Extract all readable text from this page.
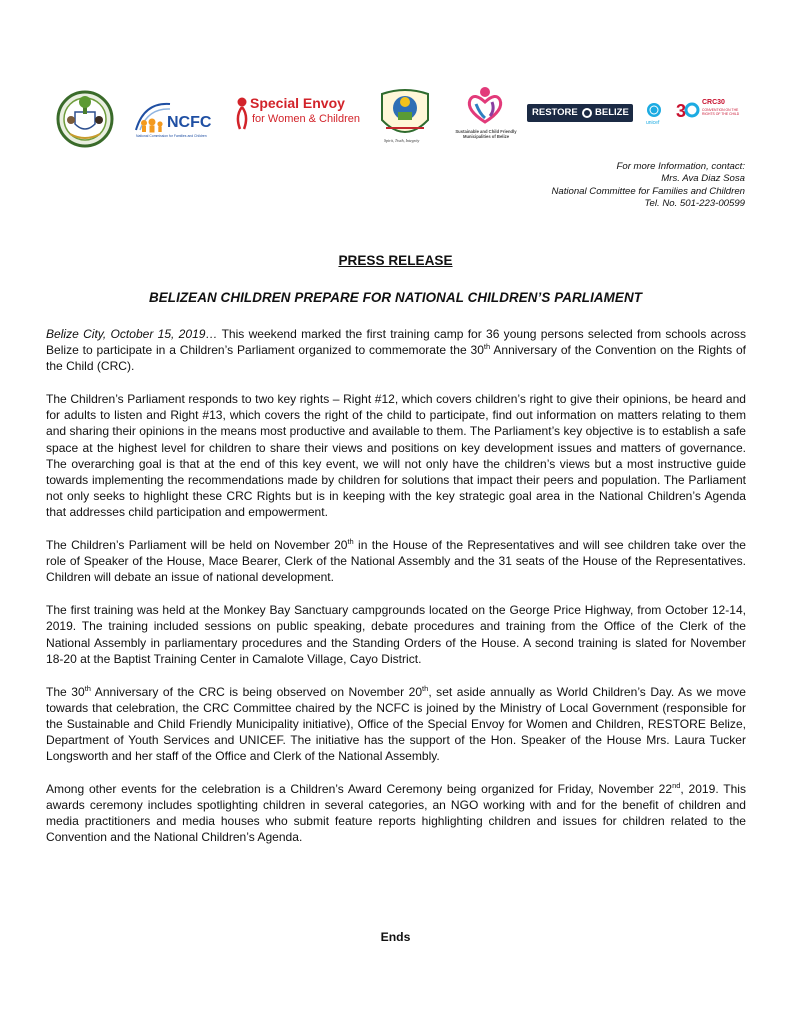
NCFC
National Commission for Families and Children
Special Envoy
for Women & Children
Spirit, Truth, Integrity
Sustainable and Child Friendly Municipalities of Belize
RESTORE BELIZE
unicef
3 CRC30
CONVENTION ON THE RIGHTS OF THE CHILD
For more Information, contact:
Mrs. Ava Diaz Sosa
National Committee for Families and Children
Tel. No. 501-223-00599
PRESS RELEASE
BELIZEAN CHILDREN PREPARE FOR NATIONAL CHILDREN’S PARLIAMENT

Belize City, October 15, 2019… This weekend marked the first training camp for 36 young persons selected from schools across Belize to participate in a Children’s Parliament organized to commemorate the 30th Anniversary of the Convention on the Rights of the Child (CRC).

The Children’s Parliament responds to two key rights – Right #12, which covers children’s right to give their opinions, be heard and for adults to listen and Right #13, which covers the right of the child to participate, find out information on matters relating to them and sharing their opinions in the means most productive and available to them. The Parliament’s key objective is to establish a safe space at the highest level for children to share their views and positions on key development issues and matters of governance. The overarching goal is that at the end of this key event, we will not only have the children’s views but a most instructive guide towards implementing the recommendations made by children for solutions that impact their peers and population. The Parliament not only seeks to highlight these CRC Rights but is in keeping with the key strategic goal area in the National Children’s Agenda that addresses child participation and empowerment.

The Children’s Parliament will be held on November 20th in the House of the Representatives and will see children take over the role of Speaker of the House, Mace Bearer, Clerk of the National Assembly and the 31 seats of the House of the Representatives. Children will debate an issue of national development.

The first training was held at the Monkey Bay Sanctuary campgrounds located on the George Price Highway, from October 12-14, 2019. The training included sessions on public speaking, debate procedures and training from the Office of the Clerk of the National Assembly in parliamentary procedures and the Standing Orders of the House. A second training is slated for November 18-20 at the Baptist Training Center in Camalote Village, Cayo District.

The 30th Anniversary of the CRC is being observed on November 20th, set aside annually as World Children’s Day. As we move towards that celebration, the CRC Committee chaired by the NCFC is joined by the Ministry of Local Government (responsible for the Sustainable and Child Friendly Municipality initiative), Office of the Special Envoy for Women and Children, RESTORE Belize, Department of Youth Services and UNICEF. The initiative has the support of the Hon. Speaker of the House Mrs. Laura Tucker Longsworth and her staff of the Office and Clerk of the National Assembly.

Among other events for the celebration is a Children’s Award Ceremony being organized for Friday, November 22nd, 2019. This awards ceremony includes spotlighting children in several categories, an NGO working with and for the benefit of children and media practitioners and media houses who submit feature reports highlighting children and issues for children related to the Convention and the National Children’s Agenda.

Ends
